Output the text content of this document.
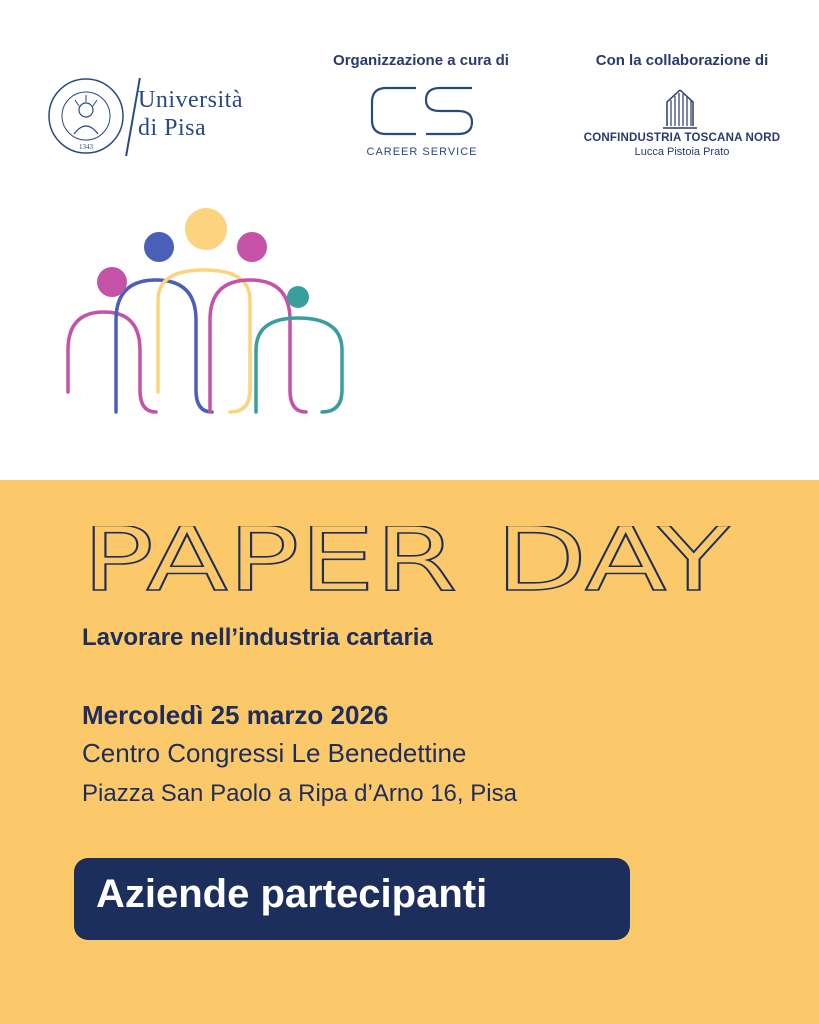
1343
Università
di Pisa
Organizzazione a cura di
CAREER SERVICE
Con la collaborazione di
CONFINDUSTRIA TOSCANA NORD
Lucca Pistoia Prato
PAPER DAY
Lavorare nell’industria cartaria
Mercoledì 25 marzo 2026
Centro Congressi Le Benedettine
Piazza San Paolo a Ripa d’Arno 16, Pisa
Aziende partecipanti
